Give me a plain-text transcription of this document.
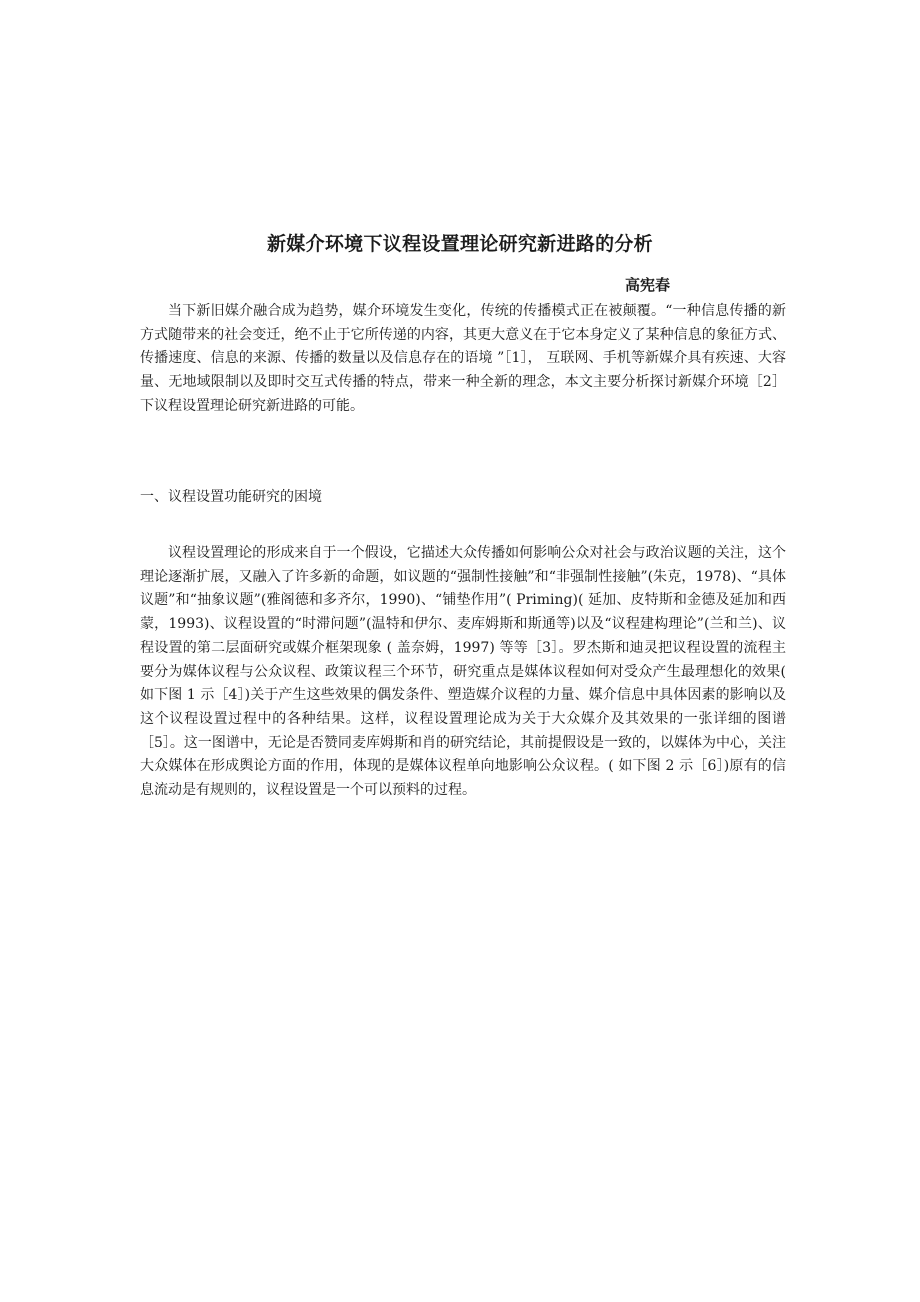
新媒介环境下议程设置理论研究新进路的分析
高宪春

当下新旧媒介融合成为趋势，媒介环境发生变化，传统的传播模式正在被颠覆。“一种信息传播的新方式随带来的社会变迁，绝不止于它所传递的内容，其更大意义在于它本身定义了某种信息的象征方式、传播速度、信息的来源、传播的数量以及信息存在的语境 ”［1］， 互联网、手机等新媒介具有疾速、大容量、无地域限制以及即时交互式传播的特点，带来一种全新的理念，本文主要分析探讨新媒介环境［2］下议程设置理论研究新进路的可能。

一、议程设置功能研究的困境

议程设置理论的形成来自于一个假设，它描述大众传播如何影响公众对社会与政治议题的关注，这个理论逐渐扩展，又融入了许多新的命题，如议题的“强制性接触”和“非强制性接触”(朱克，1978)、“具体议题”和“抽象议题”(雅阁德和多齐尔，1990)、“铺垫作用”( Priming)( 延加、皮特斯和金德及延加和西蒙，1993)、议程设置的“时滞问题”(温特和伊尔、麦库姆斯和斯通等)以及“议程建构理论”(兰和兰)、议程设置的第二层面研究或媒介框架现象 ( 盖奈姆，1997) 等等［3］。罗杰斯和迪灵把议程设置的流程主要分为媒体议程与公众议程、政策议程三个环节，研究重点是媒体议程如何对受众产生最理想化的效果( 如下图 1 示［4］)关于产生这些效果的偶发条件、塑造媒介议程的力量、媒介信息中具体因素的影响以及这个议程设置过程中的各种结果。这样，议程设置理论成为关于大众媒介及其效果的一张详细的图谱［5］。这一图谱中，无论是否赞同麦库姆斯和肖的研究结论，其前提假设是一致的，以媒体为中心，关注大众媒体在形成舆论方面的作用，体现的是媒体议程单向地影响公众议程。( 如下图 2 示［6］)原有的信息流动是有规则的，议程设置是一个可以预料的过程。
